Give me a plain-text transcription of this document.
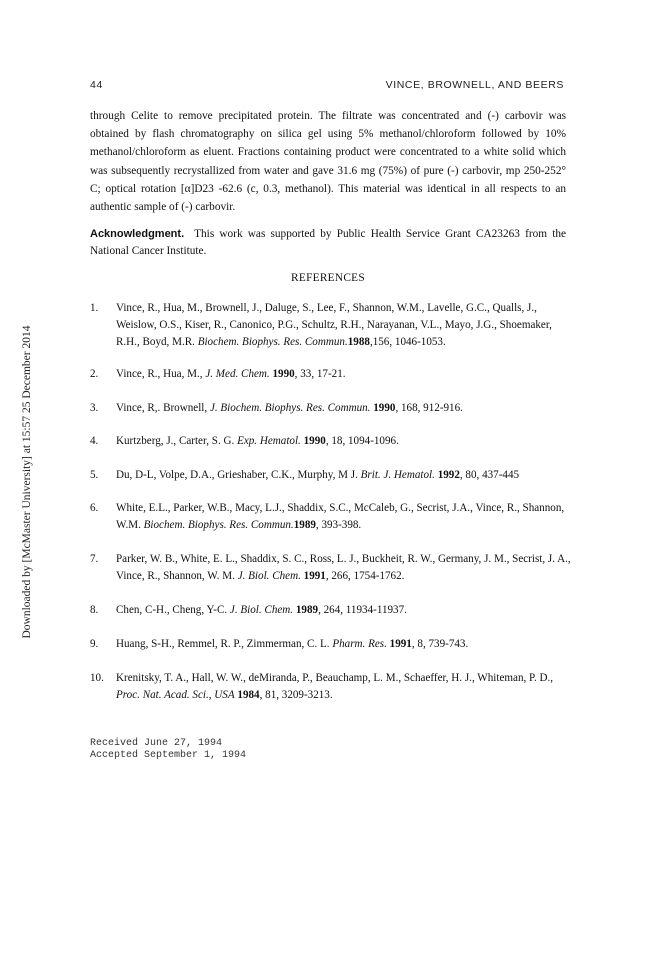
Downloaded by [McMaster University] at 15:57 25 December 2014
44	VINCE, BROWNELL, AND BEERS

through Celite to remove precipitated protein. The filtrate was concentrated and (-) carbovir was obtained by flash chromatography on silica gel using 5% methanol/chloroform followed by 10% methanol/chloroform as eluent. Fractions containing product were concentrated to a white solid which was subsequently recrystallized from water and gave 31.6 mg (75%) of pure (-) carbovir, mp 250-252° C; optical rotation [α]D23 -62.6 (c, 0.3, methanol). This material was identical in all respects to an authentic sample of (-) carbovir.

Acknowledgment. This work was supported by Public Health Service Grant CA23263 from the National Cancer Institute.

REFERENCES
1. Vince, R., Hua, M., Brownell, J., Daluge, S., Lee, F., Shannon, W.M., Lavelle, G.C., Qualls, J., Weislow, O.S., Kiser, R., Canonico, P.G., Schultz, R.H., Narayanan, V.L., Mayo, J.G., Shoemaker, R.H., Boyd, M.R. Biochem. Biophys. Res. Commun.1988,156, 1046-1053.
2. Vince, R., Hua, M., J. Med. Chem. 1990, 33, 17-21.
3. Vince, R,. Brownell, J. Biochem. Biophys. Res. Commun. 1990, 168, 912-916.
4. Kurtzberg, J., Carter, S. G. Exp. Hematol. 1990, 18, 1094-1096.
5. Du, D-L, Volpe, D.A., Grieshaber, C.K., Murphy, M J. Brit. J. Hematol. 1992, 80, 437-445
6. White, E.L., Parker, W.B., Macy, L.J., Shaddix, S.C., McCaleb, G., Secrist, J.A., Vince, R., Shannon, W.M. Biochem. Biophys. Res. Commun.1989, 393-398.
7. Parker, W. B., White, E. L., Shaddix, S. C., Ross, L. J., Buckheit, R. W., Germany, J. M., Secrist, J. A., Vince, R., Shannon, W. M. J. Biol. Chem. 1991, 266, 1754-1762.
8. Chen, C-H., Cheng, Y-C. J. Biol. Chem. 1989, 264, 11934-11937.
9. Huang, S-H., Remmel, R. P., Zimmerman, C. L. Pharm. Res. 1991, 8, 739-743.
10. Krenitsky, T. A., Hall, W. W., deMiranda, P., Beauchamp, L. M., Schaeffer, H. J., Whiteman, P. D., Proc. Nat. Acad. Sci., USA 1984, 81, 3209-3213.
Received June 27, 1994
Accepted September 1, 1994
